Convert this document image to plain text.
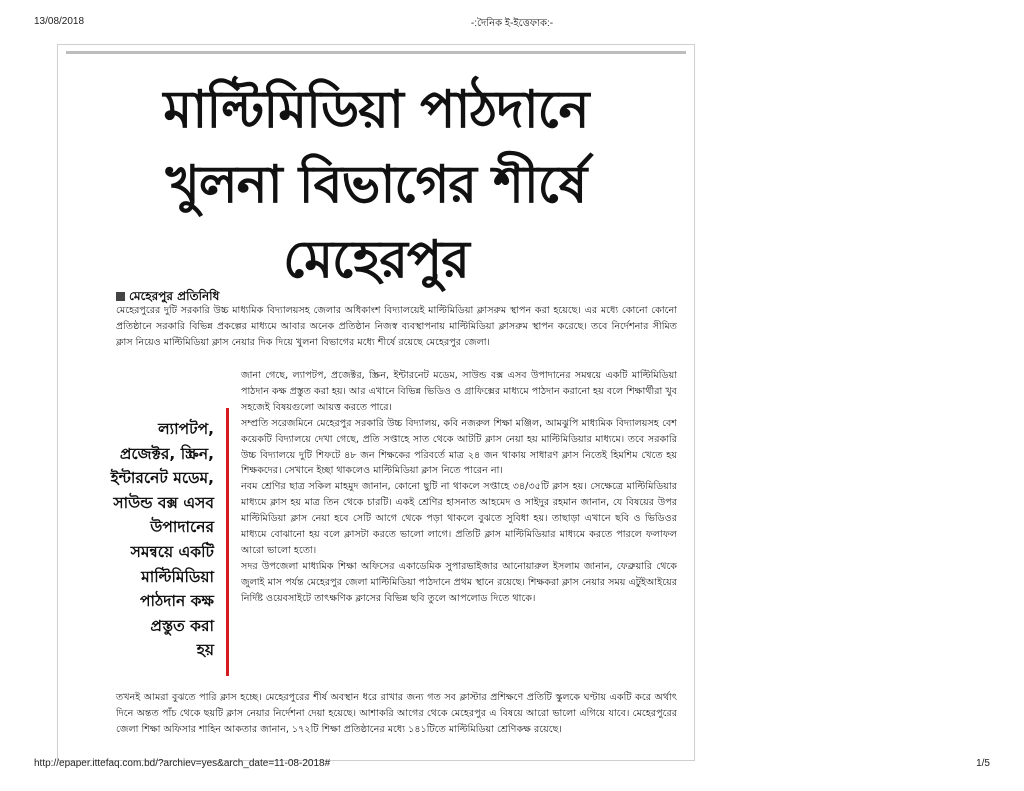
13/08/2018	-:দৈনিক ই-ইত্তেফাক:-
মাল্টিমিডিয়া পাঠদানে
খুলনা বিভাগের শীর্ষে
মেহেরপুর
মেহেরপুর প্রতিনিধি

মেহেরপুরের দুটি সরকারি উচ্চ মাধ্যমিক বিদ্যালয়সহ জেলার অধিকাংশ বিদ্যালয়েই মাল্টিমিডিয়া ক্লাসরুম স্থাপন করা হয়েছে। এর মধ্যে কোনো কোনো প্রতিষ্ঠানে সরকারি বিভিন্ন প্রকল্পের মাধ্যমে আবার অনেক প্রতিষ্ঠান নিজস্ব ব্যবস্থাপনায় মাল্টিমিডিয়া ক্লাসরুম স্থাপন করেছে। তবে নির্দেশনার সীমিত ক্লাস নিয়েও মাল্টিমিডিয়া ক্লাস নেয়ার দিক দিয়ে খুলনা বিভাগের মধ্যে শীর্ষে রয়েছে মেহেরপুর জেলা।

ল্যাপটপ,
প্রজেক্টর, স্ক্রিন,
ইন্টারনেট মডেম,
সাউন্ড বক্স এসব
উপাদানের
সমন্বয়ে একটি
মাল্টিমিডিয়া
পাঠদান কক্ষ
প্রস্তুত করা
হয়

জানা গেছে, ল্যাপটপ, প্রজেক্টর, স্ক্রিন, ইন্টারনেট মডেম, সাউন্ড বক্স এসব উপাদানের সমন্বয়ে একটি মাল্টিমিডিয়া পাঠদান কক্ষ প্রস্তুত করা হয়। আর এখানে বিভিন্ন ভিডিও ও গ্রাফিক্সের মাধ্যমে পাঠদান করানো হয় বলে শিক্ষার্থীরা খুব সহজেই বিষয়গুলো আয়ত্ত করতে পারে।

সম্প্রতি সরেজমিনে মেহেরপুর সরকারি উচ্চ বিদ্যালয়, কবি নজরুল শিক্ষা মঞ্জিল, আমঝুপি মাধ্যমিক বিদ্যালয়সহ বেশ কয়েকটি বিদ্যালয়ে দেখা গেছে, প্রতি সপ্তাহে সাত থেকে আটটি ক্লাস নেয়া হয় মাল্টিমিডিয়ার মাধ্যমে। তবে সরকারি উচ্চ বিদ্যালয়ে দুটি শিফটে ৪৮ জন শিক্ষকের পরিবর্তে মাত্র ২৪ জন থাকায় সাধারণ ক্লাস নিতেই হিমশিম খেতে হয় শিক্ষকদের। সেখানে ইচ্ছা থাকলেও মাল্টিমিডিয়া ক্লাস নিতে পারেন না।

নবম শ্রেণির ছাত্র সকিল মাহমুদ জানান, কোনো ছুটি না থাকলে সপ্তাহে ৩৪/৩৫টি ক্লাস হয়। সেক্ষেত্রে মাল্টিমিডিয়ার মাধ্যমে ক্লাস হয় মাত্র তিন থেকে চারটি। একই শ্রেণির হাসনাত আহমেদ ও সাইদুর রহমান জানান, যে বিষয়ের উপর মাল্টিমিডিয়া ক্লাস নেয়া হবে সেটি আগে থেকে পড়া থাকলে বুঝতে সুবিধা হয়। তাছাড়া এখানে ছবি ও ভিডিওর মাধ্যমে বোঝানো হয় বলে ক্লাসটা করতে ভালো লাগে। প্রতিটি ক্লাস মাল্টিমিডিয়ার মাধ্যমে করতে পারলে ফলাফল আরো ভালো হতো।

সদর উপজেলা মাধ্যমিক শিক্ষা অফিসের একাডেমিক সুপারভাইজার আনোয়ারুল ইসলাম জানান, ফেব্রুয়ারি থেকে জুলাই মাস পর্যন্ত মেহেরপুর জেলা মাল্টিমিডিয়া পাঠদানে প্রথম স্থানে রয়েছে। শিক্ষকরা ক্লাস নেয়ার সময় এটুইআইয়ের নির্দিষ্ট ওয়েবসাইটে তাৎক্ষণিক ক্লাসের বিভিন্ন ছবি তুলে আপলোড দিতে থাকে।

তখনই আমরা বুঝতে পারি ক্লাস হচ্ছে। মেহেরপুরের শীর্ষ অবস্থান ধরে রাখার জন্য গত সব ক্লাস্টার প্রশিক্ষণে প্রতিটি স্কুলকে ঘণ্টায় একটি করে অর্থাৎ দিনে অন্তত পাঁচ থেকে ছয়টি ক্লাস নেয়ার নির্দেশনা দেয়া হয়েছে। আশাকরি আগের থেকে মেহেরপুর এ বিষয়ে আরো ভালো এগিয়ে যাবে। মেহেরপুরের জেলা শিক্ষা অফিসার শাহিন আকতার জানান, ১৭২টি শিক্ষা প্রতিষ্ঠানের মধ্যে ১৪১টিতে মাল্টিমিডিয়া শ্রেণিকক্ষ রয়েছে।

http://epaper.ittefaq.com.bd/?archiev=yes&arch_date=11-08-2018#	1/5
